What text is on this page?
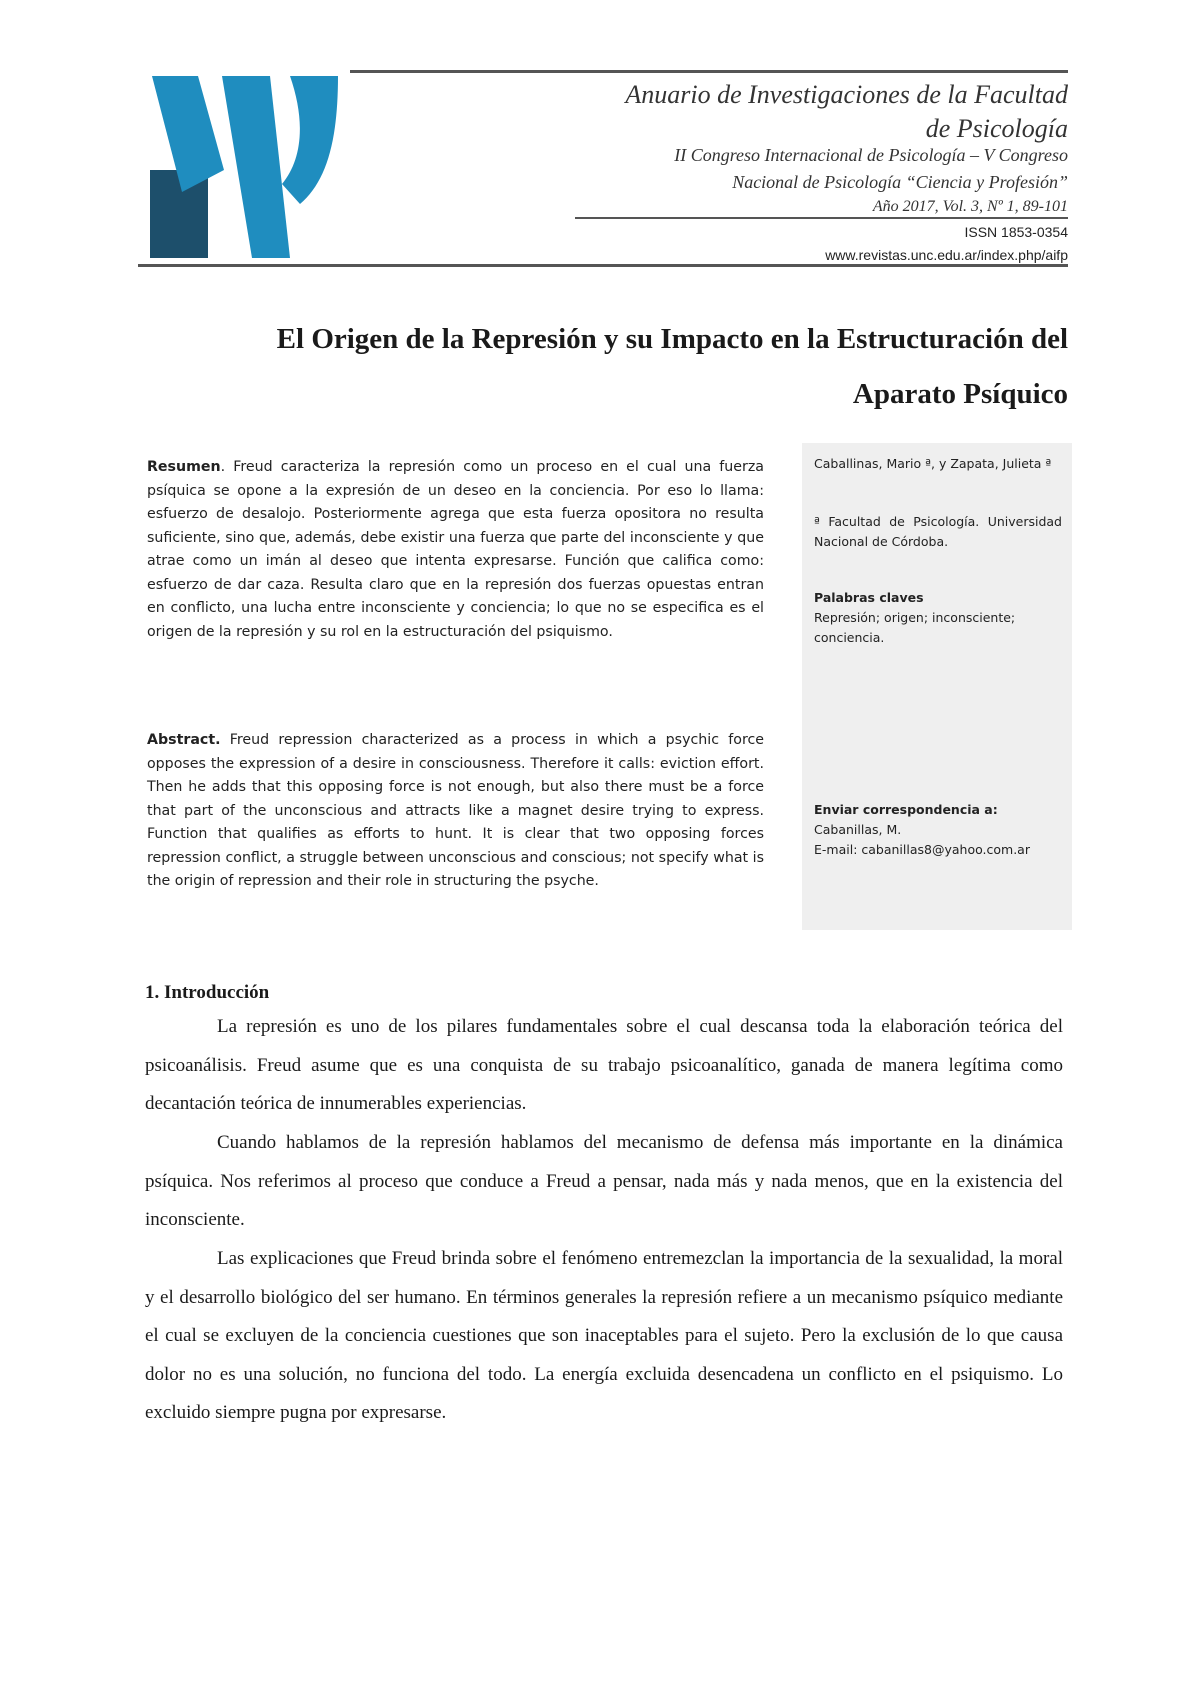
Anuario de Investigaciones de la Facultad
de Psicología
II Congreso Internacional de Psicología – V Congreso
Nacional de Psicología “Ciencia y Profesión”
Año 2017, Vol. 3, Nº 1, 89-101
ISSN 1853-0354
www.revistas.unc.edu.ar/index.php/aifp
El Origen de la Represión y su Impacto en la Estructuración del
Aparato Psíquico
Resumen. Freud caracteriza la represión como un proceso en el cual una fuerza psíquica se opone a la expresión de un deseo en la conciencia. Por eso lo llama: esfuerzo de desalojo. Posteriormente agrega que esta fuerza opositora no resulta suficiente, sino que, además, debe existir una fuerza que parte del inconsciente y que atrae como un imán al deseo que intenta expresarse. Función que califica como: esfuerzo de dar caza. Resulta claro que en la represión dos fuerzas opuestas entran en conflicto, una lucha entre inconsciente y conciencia; lo que no se especifica es el origen de la represión y su rol en la estructuración del psiquismo.
Abstract. Freud repression characterized as a process in which a psychic force opposes the expression of a desire in consciousness. Therefore it calls: eviction effort. Then he adds that this opposing force is not enough, but also there must be a force that part of the unconscious and attracts like a magnet desire trying to express. Function that qualifies as efforts to hunt. It is clear that two opposing forces repression conflict, a struggle between unconscious and conscious; not specify what is the origin of repression and their role in structuring the psyche.
Caballinas, Mario ª, y Zapata, Julieta ª
ª Facultad de Psicología. Universidad Nacional de Córdoba.
Palabras claves
Represión; origen; inconsciente; conciencia.
Enviar correspondencia a:
Cabanillas, M.
E-mail: cabanillas8@yahoo.com.ar
1. Introducción
La represión es uno de los pilares fundamentales sobre el cual descansa toda la elaboración teórica del psicoanálisis. Freud asume que es una conquista de su trabajo psicoanalítico, ganada de manera legítima como decantación teórica de innumerables experiencias.
Cuando hablamos de la represión hablamos del mecanismo de defensa más importante en la dinámica psíquica. Nos referimos al proceso que conduce a Freud a pensar, nada más y nada menos, que en la existencia del inconsciente.
Las explicaciones que Freud brinda sobre el fenómeno entremezclan la importancia de la sexualidad, la moral y el desarrollo biológico del ser humano. En términos generales la represión refiere a un mecanismo psíquico mediante el cual se excluyen de la conciencia cuestiones que son inaceptables para el sujeto. Pero la exclusión de lo que causa dolor no es una solución, no funciona del todo. La energía excluida desencadena un conflicto en el psiquismo. Lo excluido siempre pugna por expresarse.
